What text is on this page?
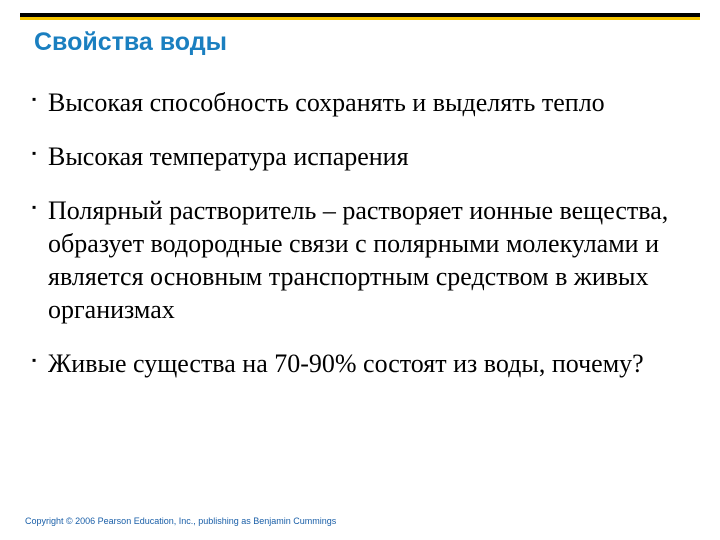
Свойства воды
▪ Высокая способность сохранять и выделять тепло
▪ Высокая температура испарения
▪ Полярный растворитель – растворяет ионные вещества, образует водородные связи с полярными молекулами и является основным транспортным средством в живых организмах
▪ Живые существа на 70-90% состоят из воды, почему?
Copyright © 2006 Pearson Education, Inc., publishing as Benjamin Cummings
